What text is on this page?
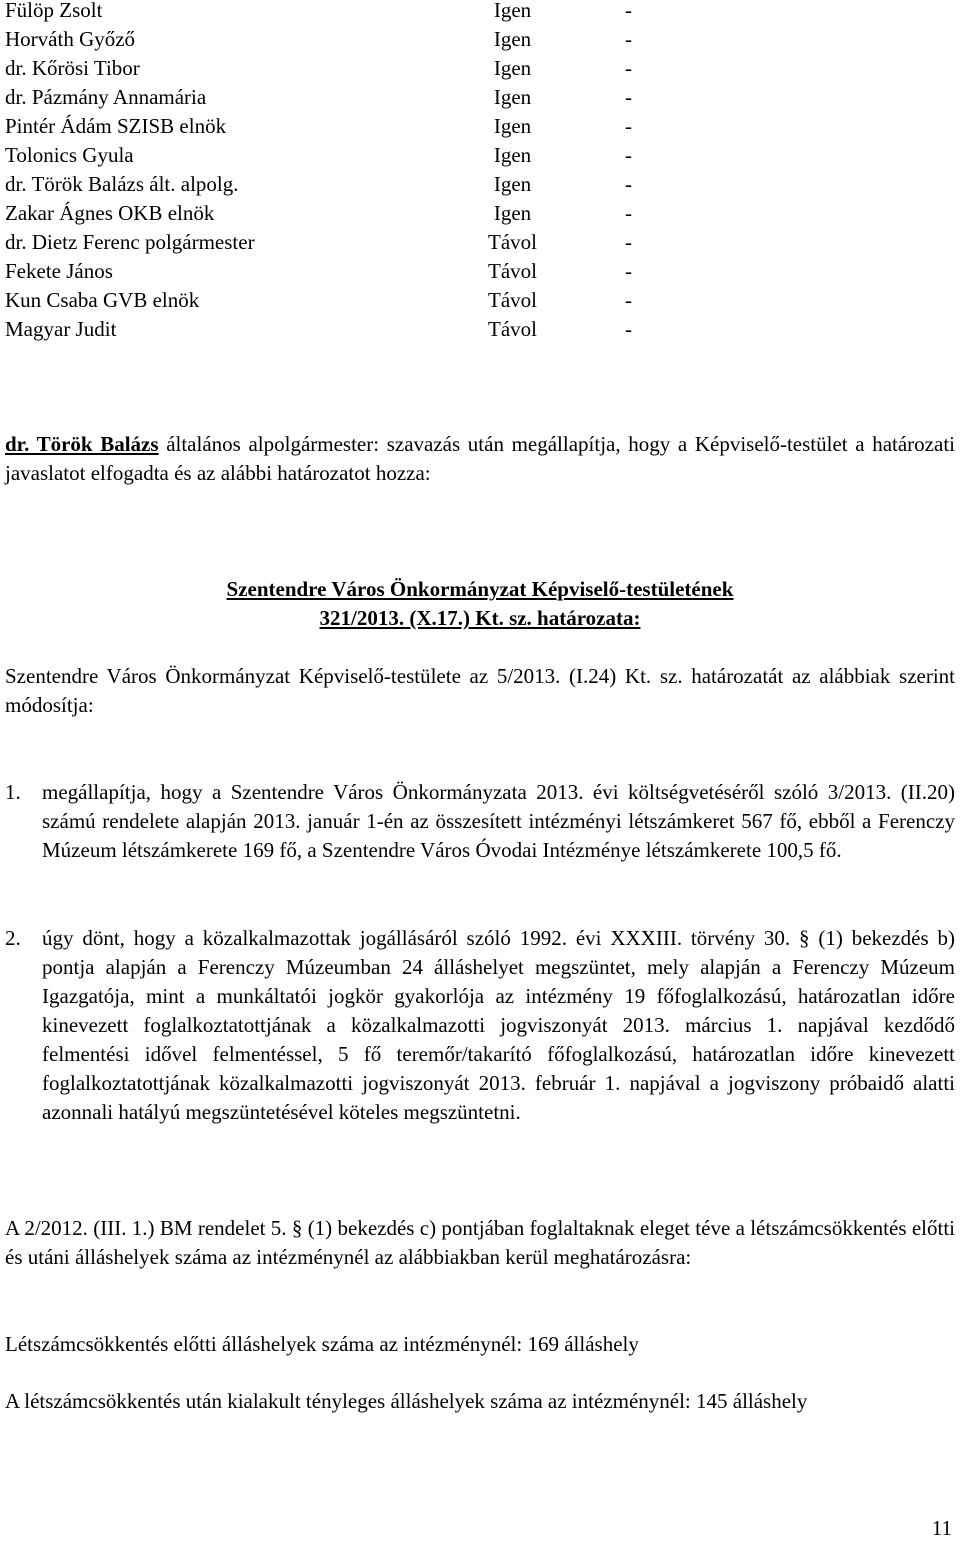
Fülöp Zsolt	Igen	-
Horváth Győző	Igen	-
dr. Kőrösi Tibor	Igen	-
dr. Pázmány Annamária	Igen	-
Pintér Ádám SZISB elnök	Igen	-
Tolonics Gyula	Igen	-
dr. Török Balázs ált. alpolg.	Igen	-
Zakar Ágnes OKB elnök	Igen	-
dr. Dietz Ferenc polgármester	Távol	-
Fekete János	Távol	-
Kun Csaba GVB elnök	Távol	-
Magyar Judit	Távol	-
dr. Török Balázs általános alpolgármester: szavazás után megállapítja, hogy a Képviselő-testület a határozati javaslatot elfogadta és az alábbi határozatot hozza:
Szentendre Város Önkormányzat Képviselő-testületének
321/2013. (X.17.) Kt. sz. határozata:
Szentendre Város Önkormányzat Képviselő-testülete az 5/2013. (I.24) Kt. sz. határozatát az alábbiak szerint módosítja:
1. megállapítja, hogy a Szentendre Város Önkormányzata 2013. évi költségvetéséről szóló 3/2013. (II.20) számú rendelete alapján 2013. január 1-én az összesített intézményi létszámkeret 567 fő, ebből a Ferenczy Múzeum létszámkerete 169 fő, a Szentendre Város Óvodai Intézménye létszámkerete 100,5 fő.
2. úgy dönt, hogy a közalkalmazottak jogállásáról szóló 1992. évi XXXIII. törvény 30. § (1) bekezdés b) pontja alapján a Ferenczy Múzeumban 24 álláshelyet megszüntet, mely alapján a Ferenczy Múzeum Igazgatója, mint a munkáltatói jogkör gyakorlója az intézmény 19 főfoglalkozású, határozatlan időre kinevezett foglalkoztatottjának a közalkalmazotti jogviszonyát 2013. március 1. napjával kezdődő felmentési idővel felmentéssel, 5 fő teremőr/takarító főfoglalkozású, határozatlan időre kinevezett foglalkoztatottjának közalkalmazotti jogviszonyát 2013. február 1. napjával a jogviszony próbaidő alatti azonnali hatályú megszüntetésével köteles megszüntetni.
A 2/2012. (III. 1.) BM rendelet 5. § (1) bekezdés c) pontjában foglaltaknak eleget téve a létszámcsökkentés előtti és utáni álláshelyek száma az intézménynél az alábbiakban kerül meghatározásra:
Létszámcsökkentés előtti álláshelyek száma az intézménynél: 169 álláshely
A létszámcsökkentés után kialakult tényleges álláshelyek száma az intézménynél: 145 álláshely
11
